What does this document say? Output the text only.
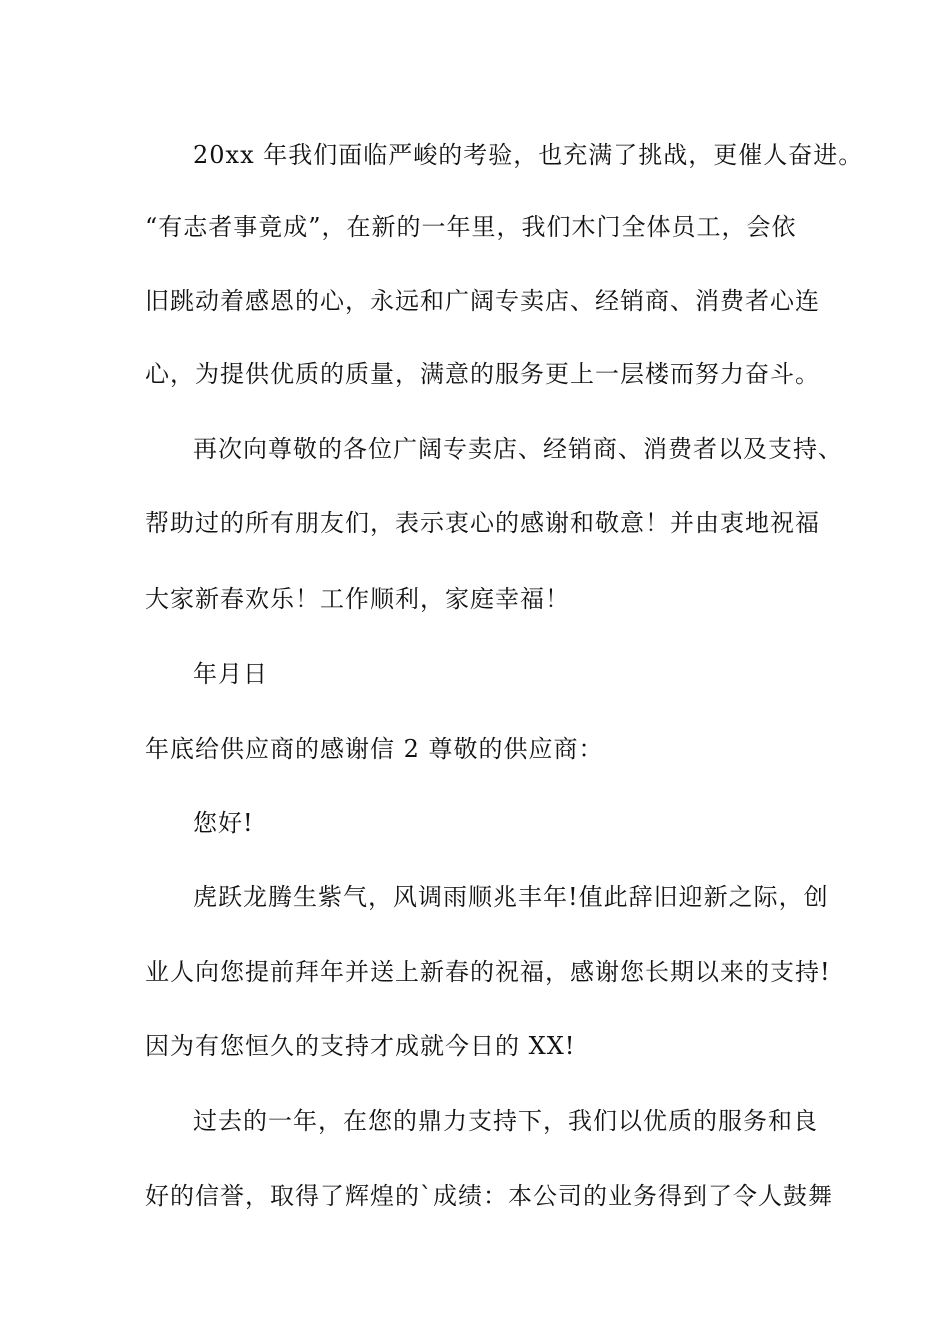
20xx 年我们面临严峻的考验，也充满了挑战，更催人奋进。
“有志者事竟成”，在新的一年里，我们木门全体员工，会依
旧跳动着感恩的心，永远和广阔专卖店、经销商、消费者心连
心，为提供优质的质量，满意的服务更上一层楼而努力奋斗。
再次向尊敬的各位广阔专卖店、经销商、消费者以及支持、
帮助过的所有朋友们，表示衷心的感谢和敬意！并由衷地祝福
大家新春欢乐！工作顺利，家庭幸福！
年月日
年底给供应商的感谢信 2 尊敬的供应商：
您好!
虎跃龙腾生紫气，风调雨顺兆丰年!值此辞旧迎新之际，创
业人向您提前拜年并送上新春的祝福，感谢您长期以来的支持!
因为有您恒久的支持才成就今日的 XX!
过去的一年，在您的鼎力支持下，我们以优质的服务和良
好的信誉，取得了辉煌的`成绩：本公司的业务得到了令人鼓舞
